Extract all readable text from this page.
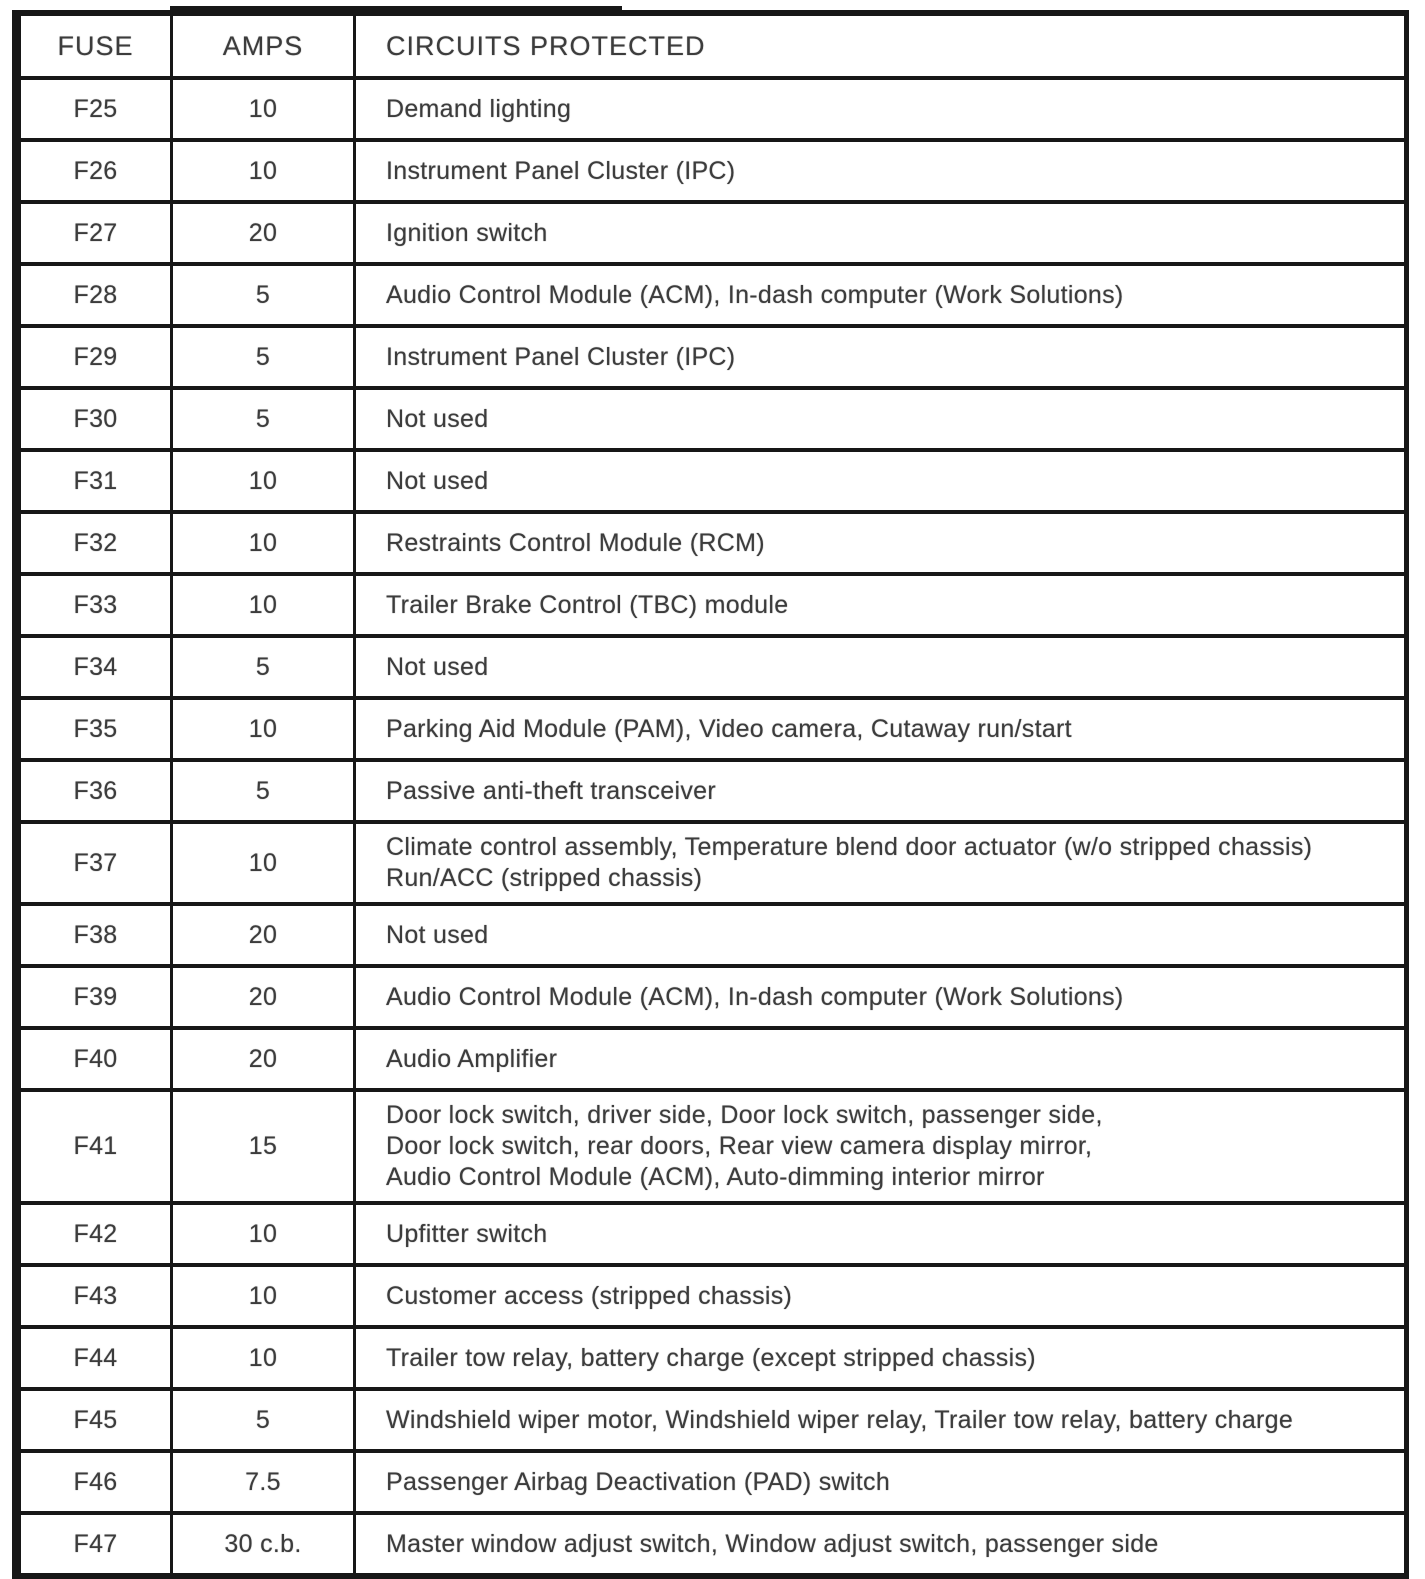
FUSE	AMPS	CIRCUITS PROTECTED
F25	10	Demand lighting

F26	10	Instrument Panel Cluster (IPC)

F27	20	Ignition switch

F28	5	Audio Control Module (ACM), In-dash computer (Work Solutions)

F29	5	Instrument Panel Cluster (IPC)

F30	5	Not used

F31	10	Not used

F32	10	Restraints Control Module (RCM)

F33	10	Trailer Brake Control (TBC) module

F34	5	Not used

F35	10	Parking Aid Module (PAM), Video camera, Cutaway run/start

F36	5	Passive anti-theft transceiver

F37	10	Climate control assembly, Temperature blend door actuator (w/o stripped chassis)
Run/ACC (stripped chassis)

F38	20	Not used

F39	20	Audio Control Module (ACM), In-dash computer (Work Solutions)

F40	20	Audio Amplifier

F41	15	Door lock switch, driver side, Door lock switch, passenger side,
Door lock switch, rear doors, Rear view camera display mirror,
Audio Control Module (ACM), Auto-dimming interior mirror

F42	10	Upfitter switch

F43	10	Customer access (stripped chassis)

F44	10	Trailer tow relay, battery charge (except stripped chassis)

F45	5	Windshield wiper motor, Windshield wiper relay, Trailer tow relay, battery charge

F46	7.5	Passenger Airbag Deactivation (PAD) switch

F47	30 c.b.	Master window adjust switch, Window adjust switch, passenger side
